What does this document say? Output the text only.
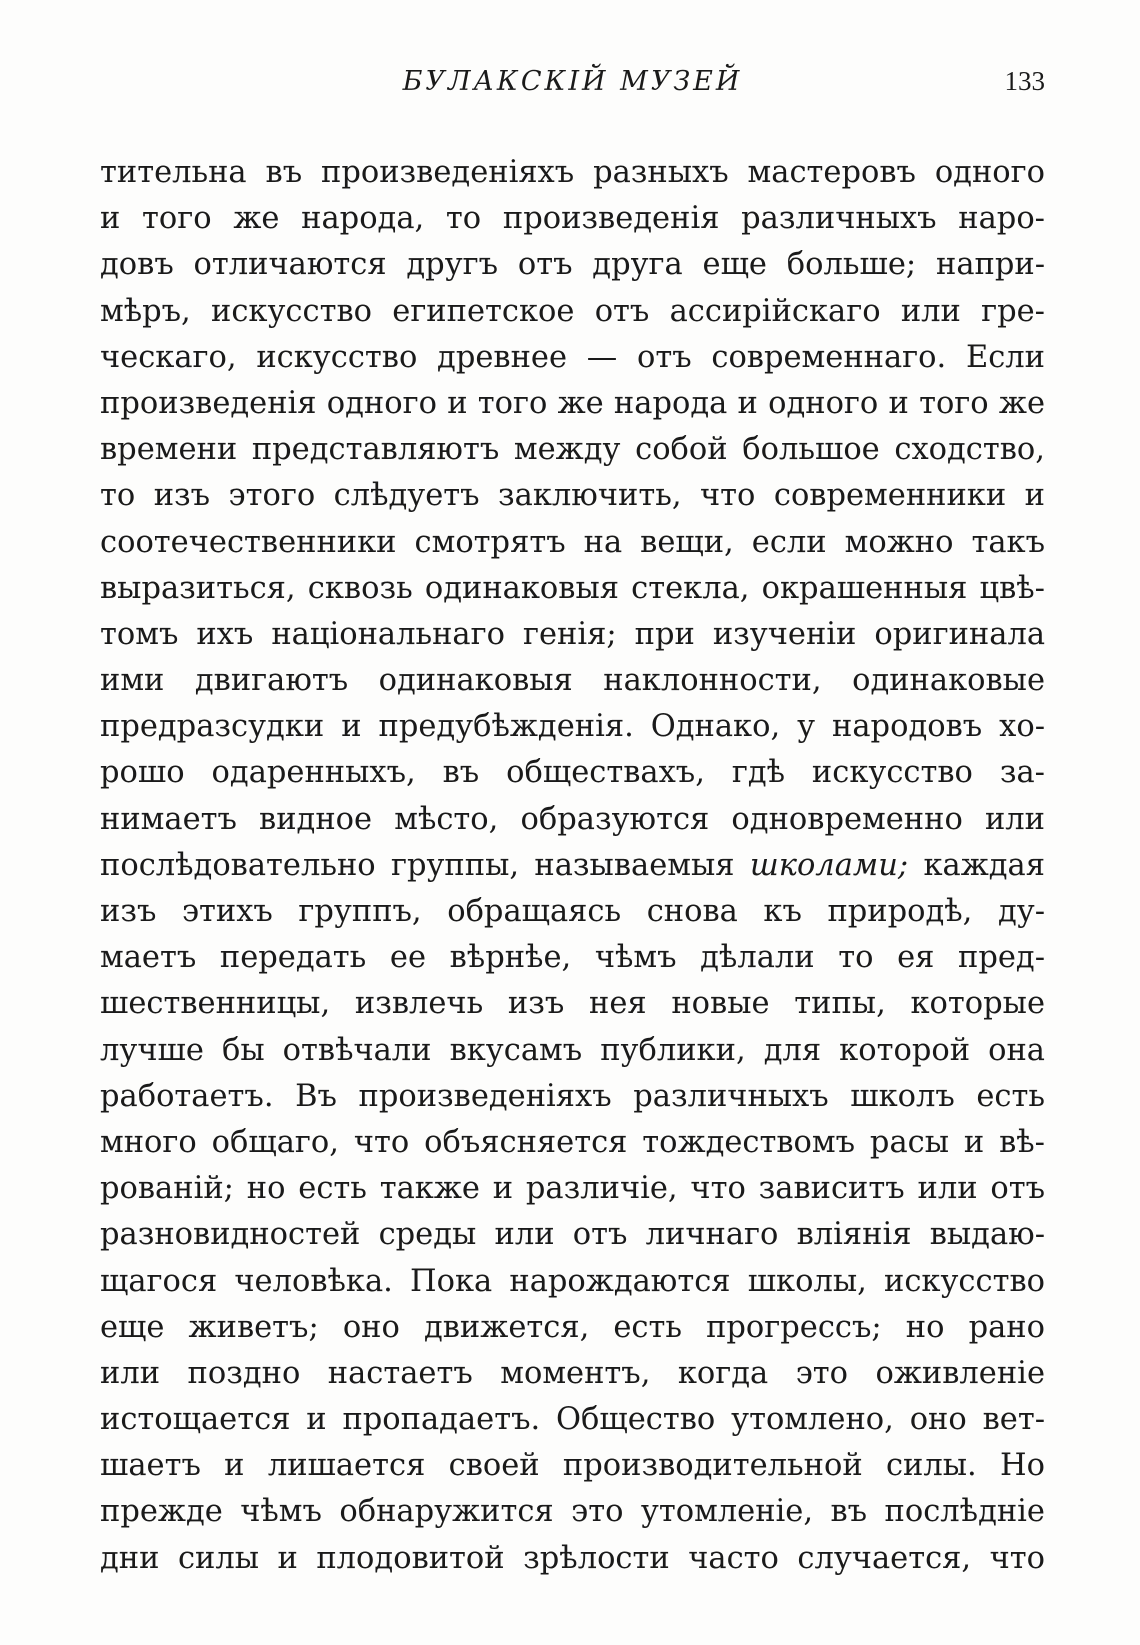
БУЛАКСКІЙ МУЗЕЙ	133
тительна въ произведеніяхъ разныхъ мастеровъ одного
и того же народа, то произведенія различныхъ наро-
довъ отличаются другъ отъ друга еще больше; напри-
мѣръ, искусство египетское отъ ассирійскаго или гре-
ческаго, искусство древнее — отъ современнаго. Если
произведенія одного и того же народа и одного и того же
времени представляютъ между собой большое сходство,
то изъ этого слѣдуетъ заключить, что современники и
соотечественники смотрятъ на вещи, если можно такъ
выразиться, сквозь одинаковыя стекла, окрашенныя цвѣ-
томъ ихъ національнаго генія; при изученіи оригинала
ими двигаютъ одинаковыя наклонности, одинаковые
предразсудки и предубѣжденія. Однако, у народовъ хо-
рошо одаренныхъ, въ обществахъ, гдѣ искусство за-
нимаетъ видное мѣсто, образуются одновременно или
послѣдовательно группы, называемыя школами; каждая
изъ этихъ группъ, обращаясь снова къ природѣ, ду-
маетъ передать ее вѣрнѣе, чѣмъ дѣлали то ея пред-
шественницы, извлечь изъ нея новые типы, которые
лучше бы отвѣчали вкусамъ публики, для которой она
работаетъ. Въ произведеніяхъ различныхъ школъ есть
много общаго, что объясняется тождествомъ расы и вѣ-
рованій; но есть также и различіе, что зависитъ или отъ
разновидностей среды или отъ личнаго вліянія выдаю-
щагося человѣка. Пока нарождаются школы, искусство
еще живетъ; оно движется, есть прогрессъ; но рано
или поздно настаетъ моментъ, когда это оживленіе
истощается и пропадаетъ. Общество утомлено, оно вет-
шаетъ и лишается своей производительной силы. Но
прежде чѣмъ обнаружится это утомленіе, въ послѣдніе
дни силы и плодовитой зрѣлости часто случается, что
